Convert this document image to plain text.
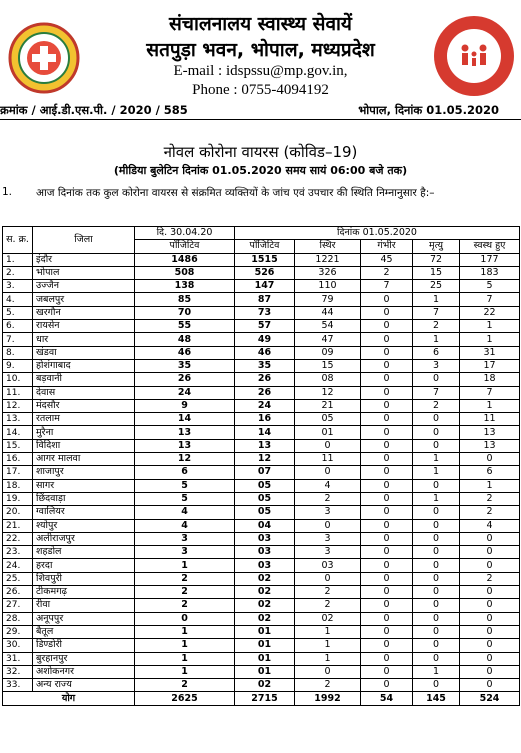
संचालनालय स्वास्थ्य सेवायें
सतपुड़ा भवन, भोपाल, मध्यप्रदेश
E-mail : idspssu@mp.gov.in,
Phone : 0755-4094192
क्रमांक / आई.डी.एस.पी. / 2020 / 585	भोपाल, दिनांक 01.05.2020
नोवल कोरोना वायरस (कोविड–19)
(मीडिया बुलेटिन दिनांक 01.05.2020 समय सायं 06:00 बजे तक)
1. आज दिनांक तक कुल कोरोना वायरस से संक्रमित व्यक्तियों के जांच एवं उपचार की स्थिति निम्नानुसार है:–
स. क्र.	जिला	दि. 30.04.20	दिनांक 01.05.2020				
		पॉजिटिव	पॉजिटिव	स्थिर	गंभीर	मृत्यु	स्वस्थ हुए
1.	इंदौर	1486	1515	1221	45	72	177
2.	भोपाल	508	526	326	2	15	183
3.	उज्जैन	138	147	110	7	25	5
4.	जबलपुर	85	87	79	0	1	7
5.	खरगौन	70	73	44	0	7	22
6.	रायसेन	55	57	54	0	2	1
7.	धार	48	49	47	0	1	1
8.	खंडवा	46	46	09	0	6	31
9.	होशंगाबाद	35	35	15	0	3	17
10.	बड़वानी	26	26	08	0	0	18
11.	देवास	24	26	12	0	7	7
12.	मंदसौर	9	24	21	0	2	1
13.	रतलाम	14	16	05	0	0	11
14.	मुरैना	13	14	01	0	0	13
15.	विदिशा	13	13	0	0	0	13
16.	आगर मालवा	12	12	11	0	1	0
17.	शाजापुर	6	07	0	0	1	6
18.	सागर	5	05	4	0	0	1
19.	छिंदवाड़ा	5	05	2	0	1	2
20.	ग्वालियर	4	05	3	0	0	2
21.	श्योपुर	4	04	0	0	0	4
22.	अलीराजपुर	3	03	3	0	0	0
23.	शहडोल	3	03	3	0	0	0
24.	हरदा	1	03	03	0	0	0
25.	शिवपुरी	2	02	0	0	0	2
26.	टीकमगढ़	2	02	2	0	0	0
27.	रीवा	2	02	2	0	0	0
28.	अनूपपुर	0	02	02	0	0	0
29.	बैतूल	1	01	1	0	0	0
30.	डिण्डोरी	1	01	1	0	0	0
31.	बुरहानपुर	1	01	1	0	0	0
32.	अशोकनगर	1	01	0	0	1	0
33.	अन्य राज्य	2	02	2	0	0	0
योग		2625	2715	1992	54	145	524
